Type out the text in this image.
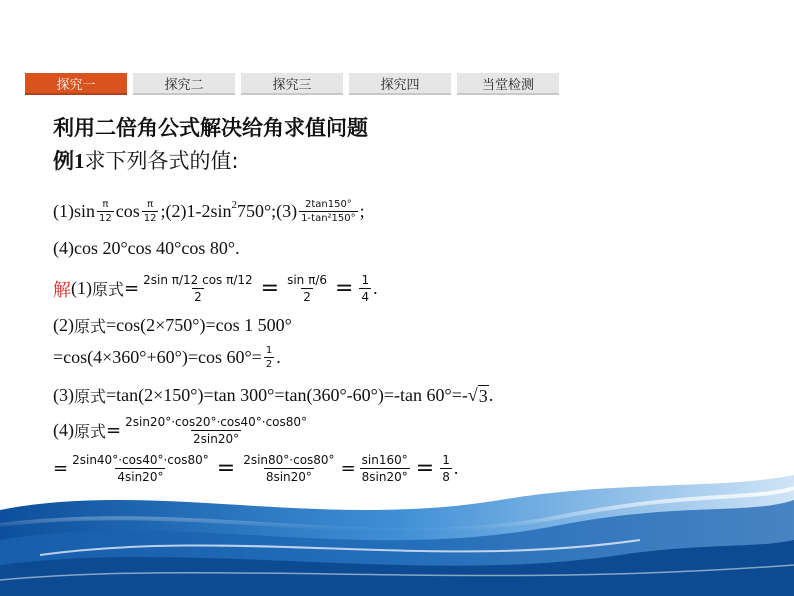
探究一	探究二	探究三	探究四	当堂检测
利用二倍角公式解决给角求值问题
例1求下列各式的值:
$(1)\sin \frac{\pi}{12}$ $\cos \frac{\pi}{12}$ ;(2)1-2sin 2 750° ;(3) $\frac{2\tan 150^\circ}{\text{1-tan²150°}}$ ;
(4)cos 20°cos 40°cos 80°.
解 (1) 原式 = $\frac{\text{2sin π/12 cos π/12}}{2} = \frac{\text{sin π/6}}{2} = \frac{1}{4}$ .
(2) 原式 =cos(2×750°)=cos 1 500°
=cos(4×360°+60°)=cos $60^\circ= \frac{1}{2}$ .
(3) 原式 =tan(2×150°)=tan 300°=tan(360°-60°)=-tan 60°=- √ 3 .
(4) 原式 = $\frac{2\sin 20^\circ\cdot\cos 20^\circ\cdot\cos 40^\circ\cdot\cos 80^\circ}{2\sin 20^\circ}$
= $\frac{2\sin 40^\circ\cdot\cos 40^\circ\cdot\cos 80^\circ}{4\sin 20^\circ} = \frac{2\sin 80^\circ\cdot\cos 80^\circ}{8\sin 20^\circ} = \frac{\sin 160^\circ}{8\sin 20^\circ} = \frac{1}{8}$ .
